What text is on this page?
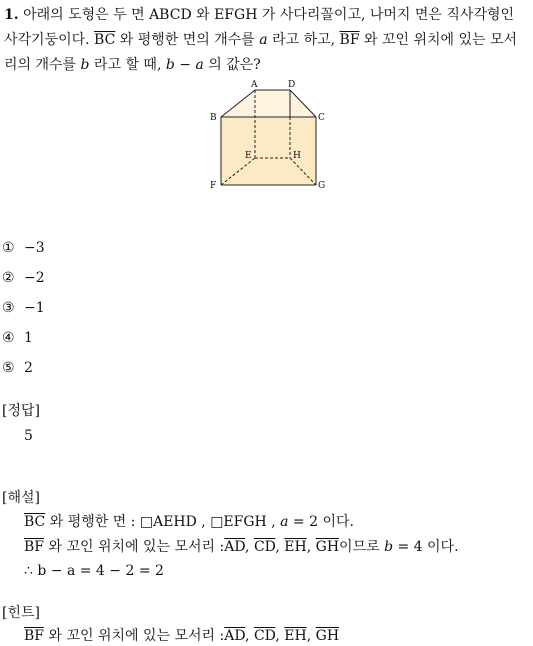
1. 아래의 도형은 두 면 ABCD 와 EFGH 가 사다리꼴이고, 나머지 면은 직사각형인 사각기둥이다. $\overline{BC}$ 와 평행한 면의 개수를 a 라고 하고, $\overline{BF}$ 와 꼬인 위치에 있는 모서리의 개수를 b 라고 할 때, b − a 의 값은?
A	D
B	C
E	H
F	G
① −3
② −2
③ −1
④ 1
⑤ 2
[정답]
5
[해설]
$\overline{BC}$ 와 평행한 면 : □AEHD , □EFGH , a = 2 이다.
$\overline{BF}$ 와 꼬인 위치에 있는 모서리 $:\overline{AD}$, $\overline{CD}$, $\overline{EH}$, $\overline{GH}$이므로 b = 4 이다.
∴ b − a = 4 − 2 = 2
[힌트]
$\overline{BF}$ 와 꼬인 위치에 있는 모서리 $:\overline{AD}$, $\overline{CD}$, $\overline{EH}$, $\overline{GH}$
